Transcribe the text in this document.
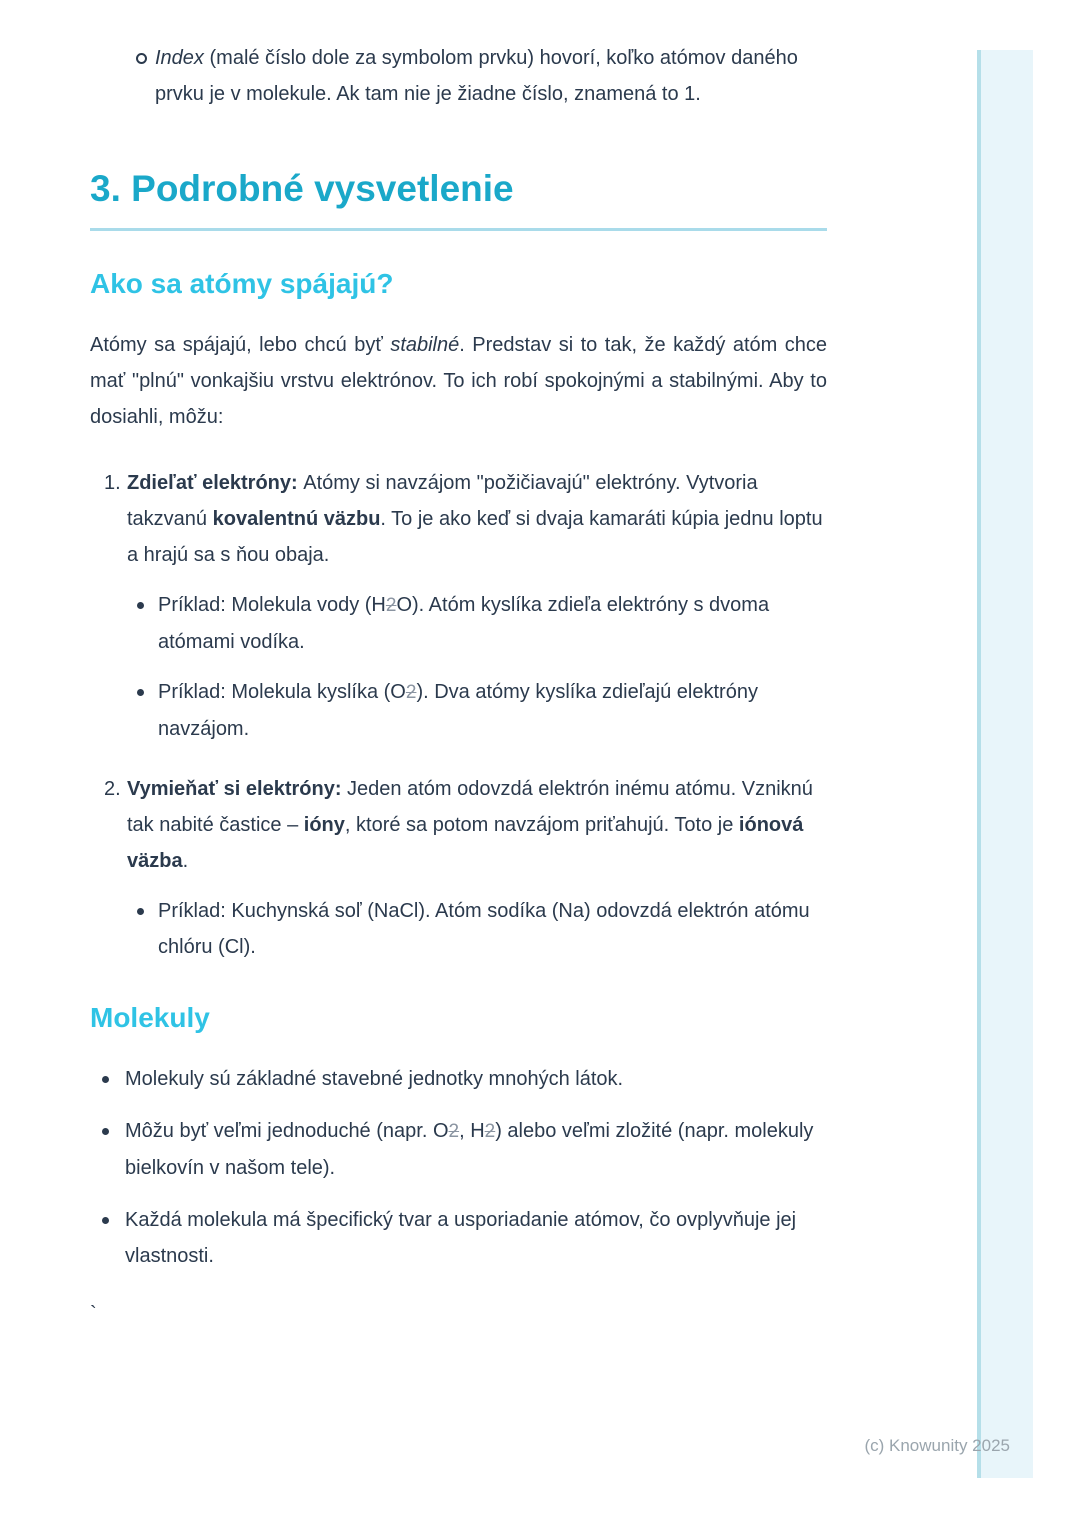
Index (malé číslo dole za symbolom prvku) hovorí, koľko atómov daného prvku je v molekule. Ak tam nie je žiadne číslo, znamená to 1.
3. Podrobné vysvetlenie
Ako sa atómy spájajú?

Atómy sa spájajú, lebo chcú byť stabilné. Predstav si to tak, že každý atóm chce mať "plnú" vonkajšiu vrstvu elektrónov. To ich robí spokojnými a stabilnými. Aby to dosiahli, môžu:

1. Zdieľať elektróny: Atómy si navzájom "požičiavajú" elektróny. Vytvoria takzvanú kovalentnú väzbu. To je ako keď si dvaja kamaráti kúpia jednu loptu a hrajú sa s ňou obaja.
Príklad: Molekula vody (H2O). Atóm kyslíka zdieľa elektróny s dvoma atómami vodíka.
Príklad: Molekula kyslíka (O2). Dva atómy kyslíka zdieľajú elektróny navzájom.
2. Vymieňať si elektróny: Jeden atóm odovzdá elektrón inému atómu. Vzniknú tak nabité častice – ióny, ktoré sa potom navzájom priťahujú. Toto je iónová väzba.
Príklad: Kuchynská soľ (NaCl). Atóm sodíka (Na) odovzdá elektrón atómu chlóru (Cl).
Molekuly
Molekuly sú základné stavebné jednotky mnohých látok.
Môžu byť veľmi jednoduché (napr. O2, H2) alebo veľmi zložité (napr. molekuly bielkovín v našom tele).
Každá molekula má špecifický tvar a usporiadanie atómov, čo ovplyvňuje jej vlastnosti.
`
(c) Knowunity 2025
